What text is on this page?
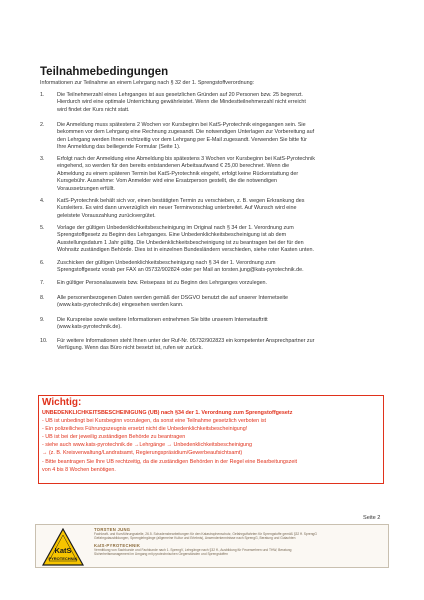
Teilnahmebedingungen
Informationen zur Teilnahme an einem Lehrgang nach § 32 der 1. Sprengstoffverordnung:
1.	Die Teilnehmerzahl eines Lehrganges ist aus gesetzlichen Gründen auf 20 Personen bzw. 25 begrenzt.
Hierdurch wird eine optimale Unterrichtung gewährleistet. Wenn die Mindestteilnehmerzahl nicht erreicht
wird findet der Kurs nicht statt.
2.	Die Anmeldung muss spätestens 2 Wochen vor Kursbeginn bei KatS-Pyrotechnik eingegangen sein. Sie
bekommen vor dem Lehrgang eine Rechnung zugesandt. Die notwendigen Unterlagen zur Vorbereitung auf
den Lehrgang werden Ihnen rechtzeitig vor dem Lehrgang per E-Mail zugesandt. Verwenden Sie bitte für
Ihre Anmeldung das beiliegende Formular (Seite 1).
3.	Erfolgt nach der Anmeldung eine Abmeldung bis spätestens 3 Wochen vor Kursbeginn bei KatS-Pyrotechnik
eingehend, so werden für den bereits entstandenen Arbeitsaufwand € 25,00 berechnet. Wenn die
Abmeldung zu einem späteren Termin bei KatS-Pyrotechnik eingeht, erfolgt keine Rückerstattung der
Kursgebühr. Ausnahme: Vom Anmelder wird eine Ersatzperson gestellt, die die notwendigen
Voraussetzungen erfüllt.
4.	KatS-Pyrotechnik behält sich vor, einen bestätigten Termin zu verschieben, z. B. wegen Erkrankung des
Kursleiters. Es wird dann unverzüglich ein neuer Terminvorschlag unterbreitet. Auf Wunsch wird eine
geleistete Vorauszahlung zurückvergütet.
5.	Vorlage der gültigen Unbedenklichkeitsbescheinigung im Original nach § 34 der 1. Verordnung zum
Sprengstoffgesetz zu Beginn des Lehrganges. Eine Unbedenklichkeitsbescheinigung ist ab dem
Ausstellungsdatum 1 Jahr gültig. Die Unbedenklichkeitsbescheinigung ist zu beantragen bei der für den
Wohnsitz zuständigen Behörde. Dies ist in einzelnen Bundesländern verschieden, siehe roter Kasten unten.
6.	Zuschicken der gültigen Unbedenklichkeitsbescheinigung nach § 34 der 1. Verordnung zum
Sprengstoffgesetz vorab per FAX an 05732/902824 oder per Mail an torsten.jung@kats-pyrotechnik.de.
7.	Ein gültiger Personalausweis bzw. Reisepass ist zu Beginn des Lehrganges vorzulegen.
8.	Alle personenbezogenen Daten werden gemäß der DSGVO benutzt die auf unserer Internetseite
(www.kats-pyrotechnik.de) eingesehen werden kann.
9.	Die Kurspreise sowie weitere Informationen entnehmen Sie bitte unserem Internetauftritt
(www.kats-pyrotechnik.de).
10.	Für weitere Informationen steht Ihnen unter der Ruf-Nr. 05732/902823 ein kompetenter Ansprechpartner zur
Verfügung. Wenn das Büro nicht besetzt ist, rufen wir zurück.
Wichtig:
UNBEDENKLICHKEITSBESCHEINIGUNG (UB) nach §34 der 1. Verordnung zum Sprengstoffgesetz
- UB ist unbedingt bei Kursbeginn vorzulegen, da sonst eine Teilnahme gesetzlich verboten ist
- Ein polizeiliches Führungszeugnis ersetzt nicht die Unbedenklichkeitsbescheinigung!
- UB ist bei der jeweilig zuständigen Behörde zu beantragen
- siehe auch www.kats-pyrotechnik.de →Lehrgänge → Unbedenklichkeitsbescheinigung
→ (z. B. Kreisverwaltung/Landratsamt, Regierungspräsidium/Gewerbeaufsichtsamt)
- Bitte beantragen Sie Ihre UB rechtzeitig, da die zuständigen Behörden in der Regel eine Bearbeitungszeit
von 4 bis 8 Wochen benötigen.
Seite 2
KatS
PYROTECHNIK
TORSTEN JUNG
Fachkraft- und Kursführungsstelle, 26.5. Schadensbearbeitungen für den Katastrophenschutz, Gefahrgutfahrten für Sprengstoffe gemäß §32 ff. SprengG
Gefahrgutausbildungen, Sprenglehrgänge (allgemeine Kultur und Erlebnis), Anwenderkenntnisse nach SprengG, Beratung und Gutachten
KatS-PYROTECHNIK
Vermittlung von Sachkunde und Fachkunde nach 1. SprengV, Lehrgänge nach §32 ff., Ausbildung für Feuerwehren und THW, Beratung
Sicherheitsmanagement im Umgang mit pyrotechnischen Gegenständen und Sprengstoffen
